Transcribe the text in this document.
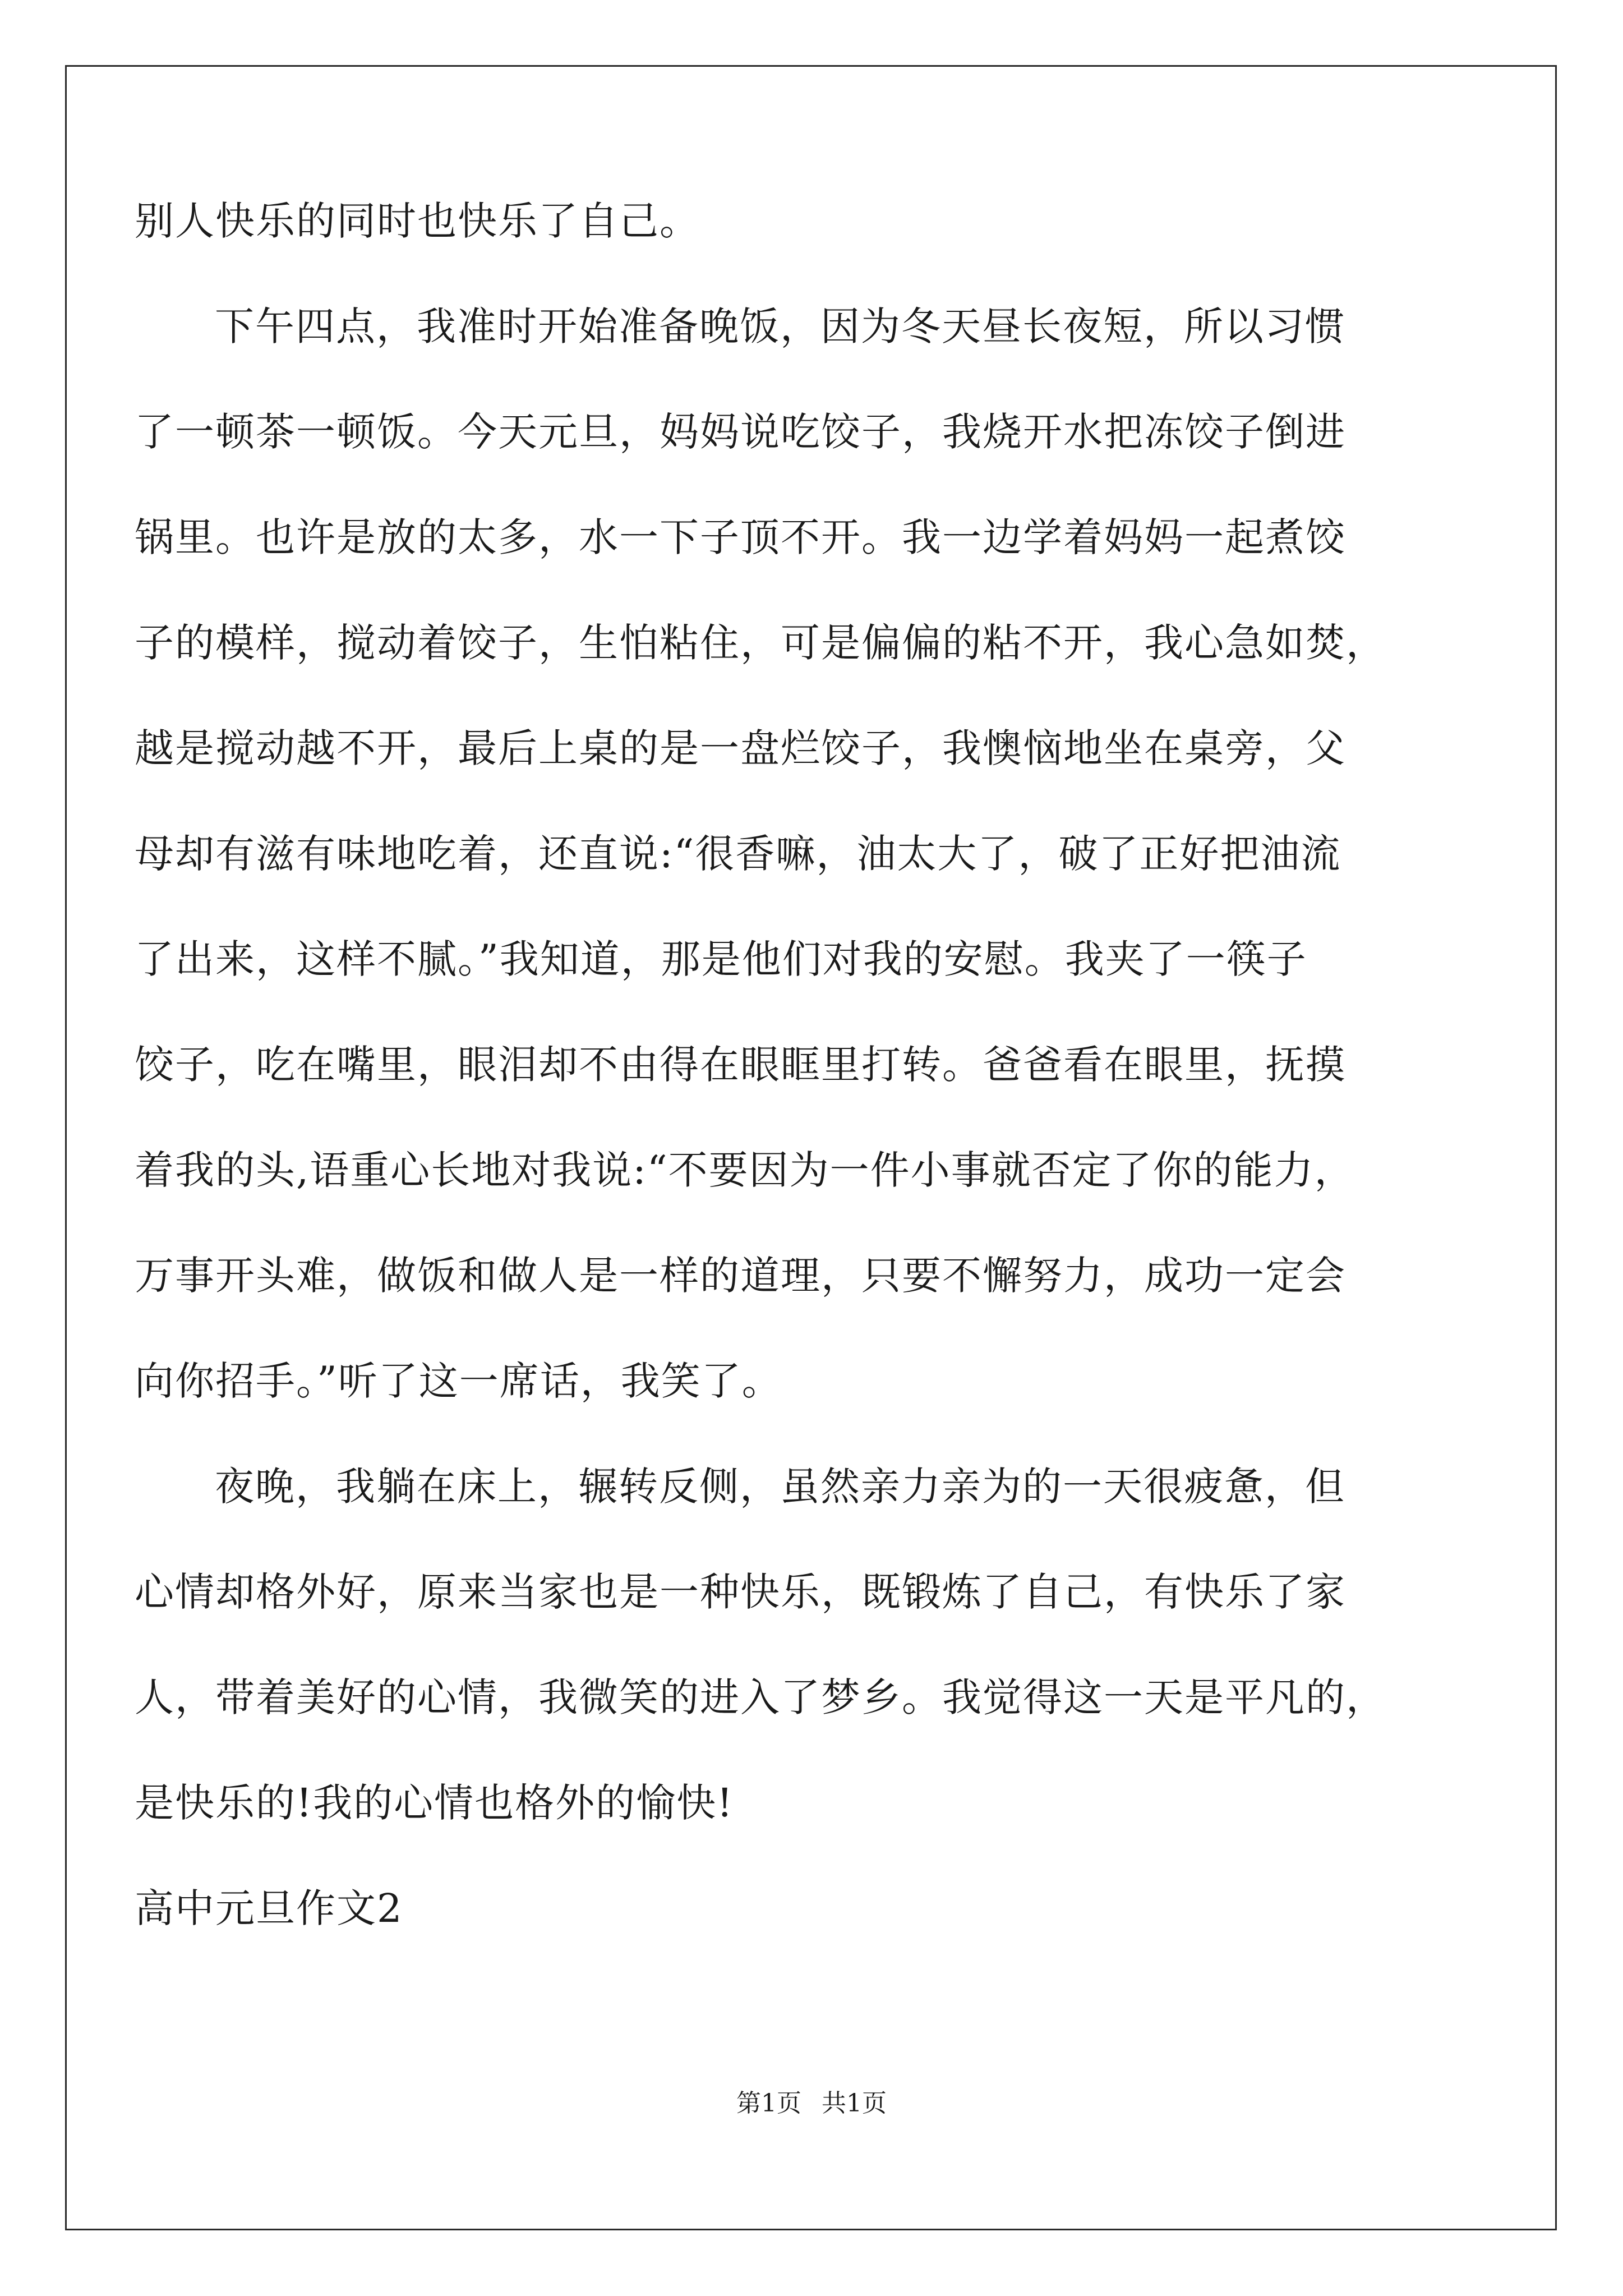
别人快乐的同时也快乐了自己。
下午四点，我准时开始准备晚饭，因为冬天昼长夜短，所以习惯
了一顿茶一顿饭。今天元旦，妈妈说吃饺子，我烧开水把冻饺子倒进
锅里。也许是放的太多，水一下子顶不开。我一边学着妈妈一起煮饺
子的模样，搅动着饺子，生怕粘住，可是偏偏的粘不开，我心急如焚，
越是搅动越不开，最后上桌的是一盘烂饺子，我懊恼地坐在桌旁，父
母却有滋有味地吃着，还直说:“很香嘛，油太大了，破了正好把油流
了出来，这样不腻。”我知道，那是他们对我的安慰。我夹了一筷子
饺子，吃在嘴里，眼泪却不由得在眼眶里打转。爸爸看在眼里，抚摸
着我的头,语重心长地对我说:“不要因为一件小事就否定了你的能力，
万事开头难，做饭和做人是一样的道理，只要不懈努力，成功一定会
向你招手。”听了这一席话，我笑了。
夜晚，我躺在床上，辗转反侧，虽然亲力亲为的一天很疲惫，但
心情却格外好，原来当家也是一种快乐，既锻炼了自己，有快乐了家
人，带着美好的心情，我微笑的进入了梦乡。我觉得这一天是平凡的，
是快乐的!我的心情也格外的愉快!
高中元旦作文2
第1页 共1页
